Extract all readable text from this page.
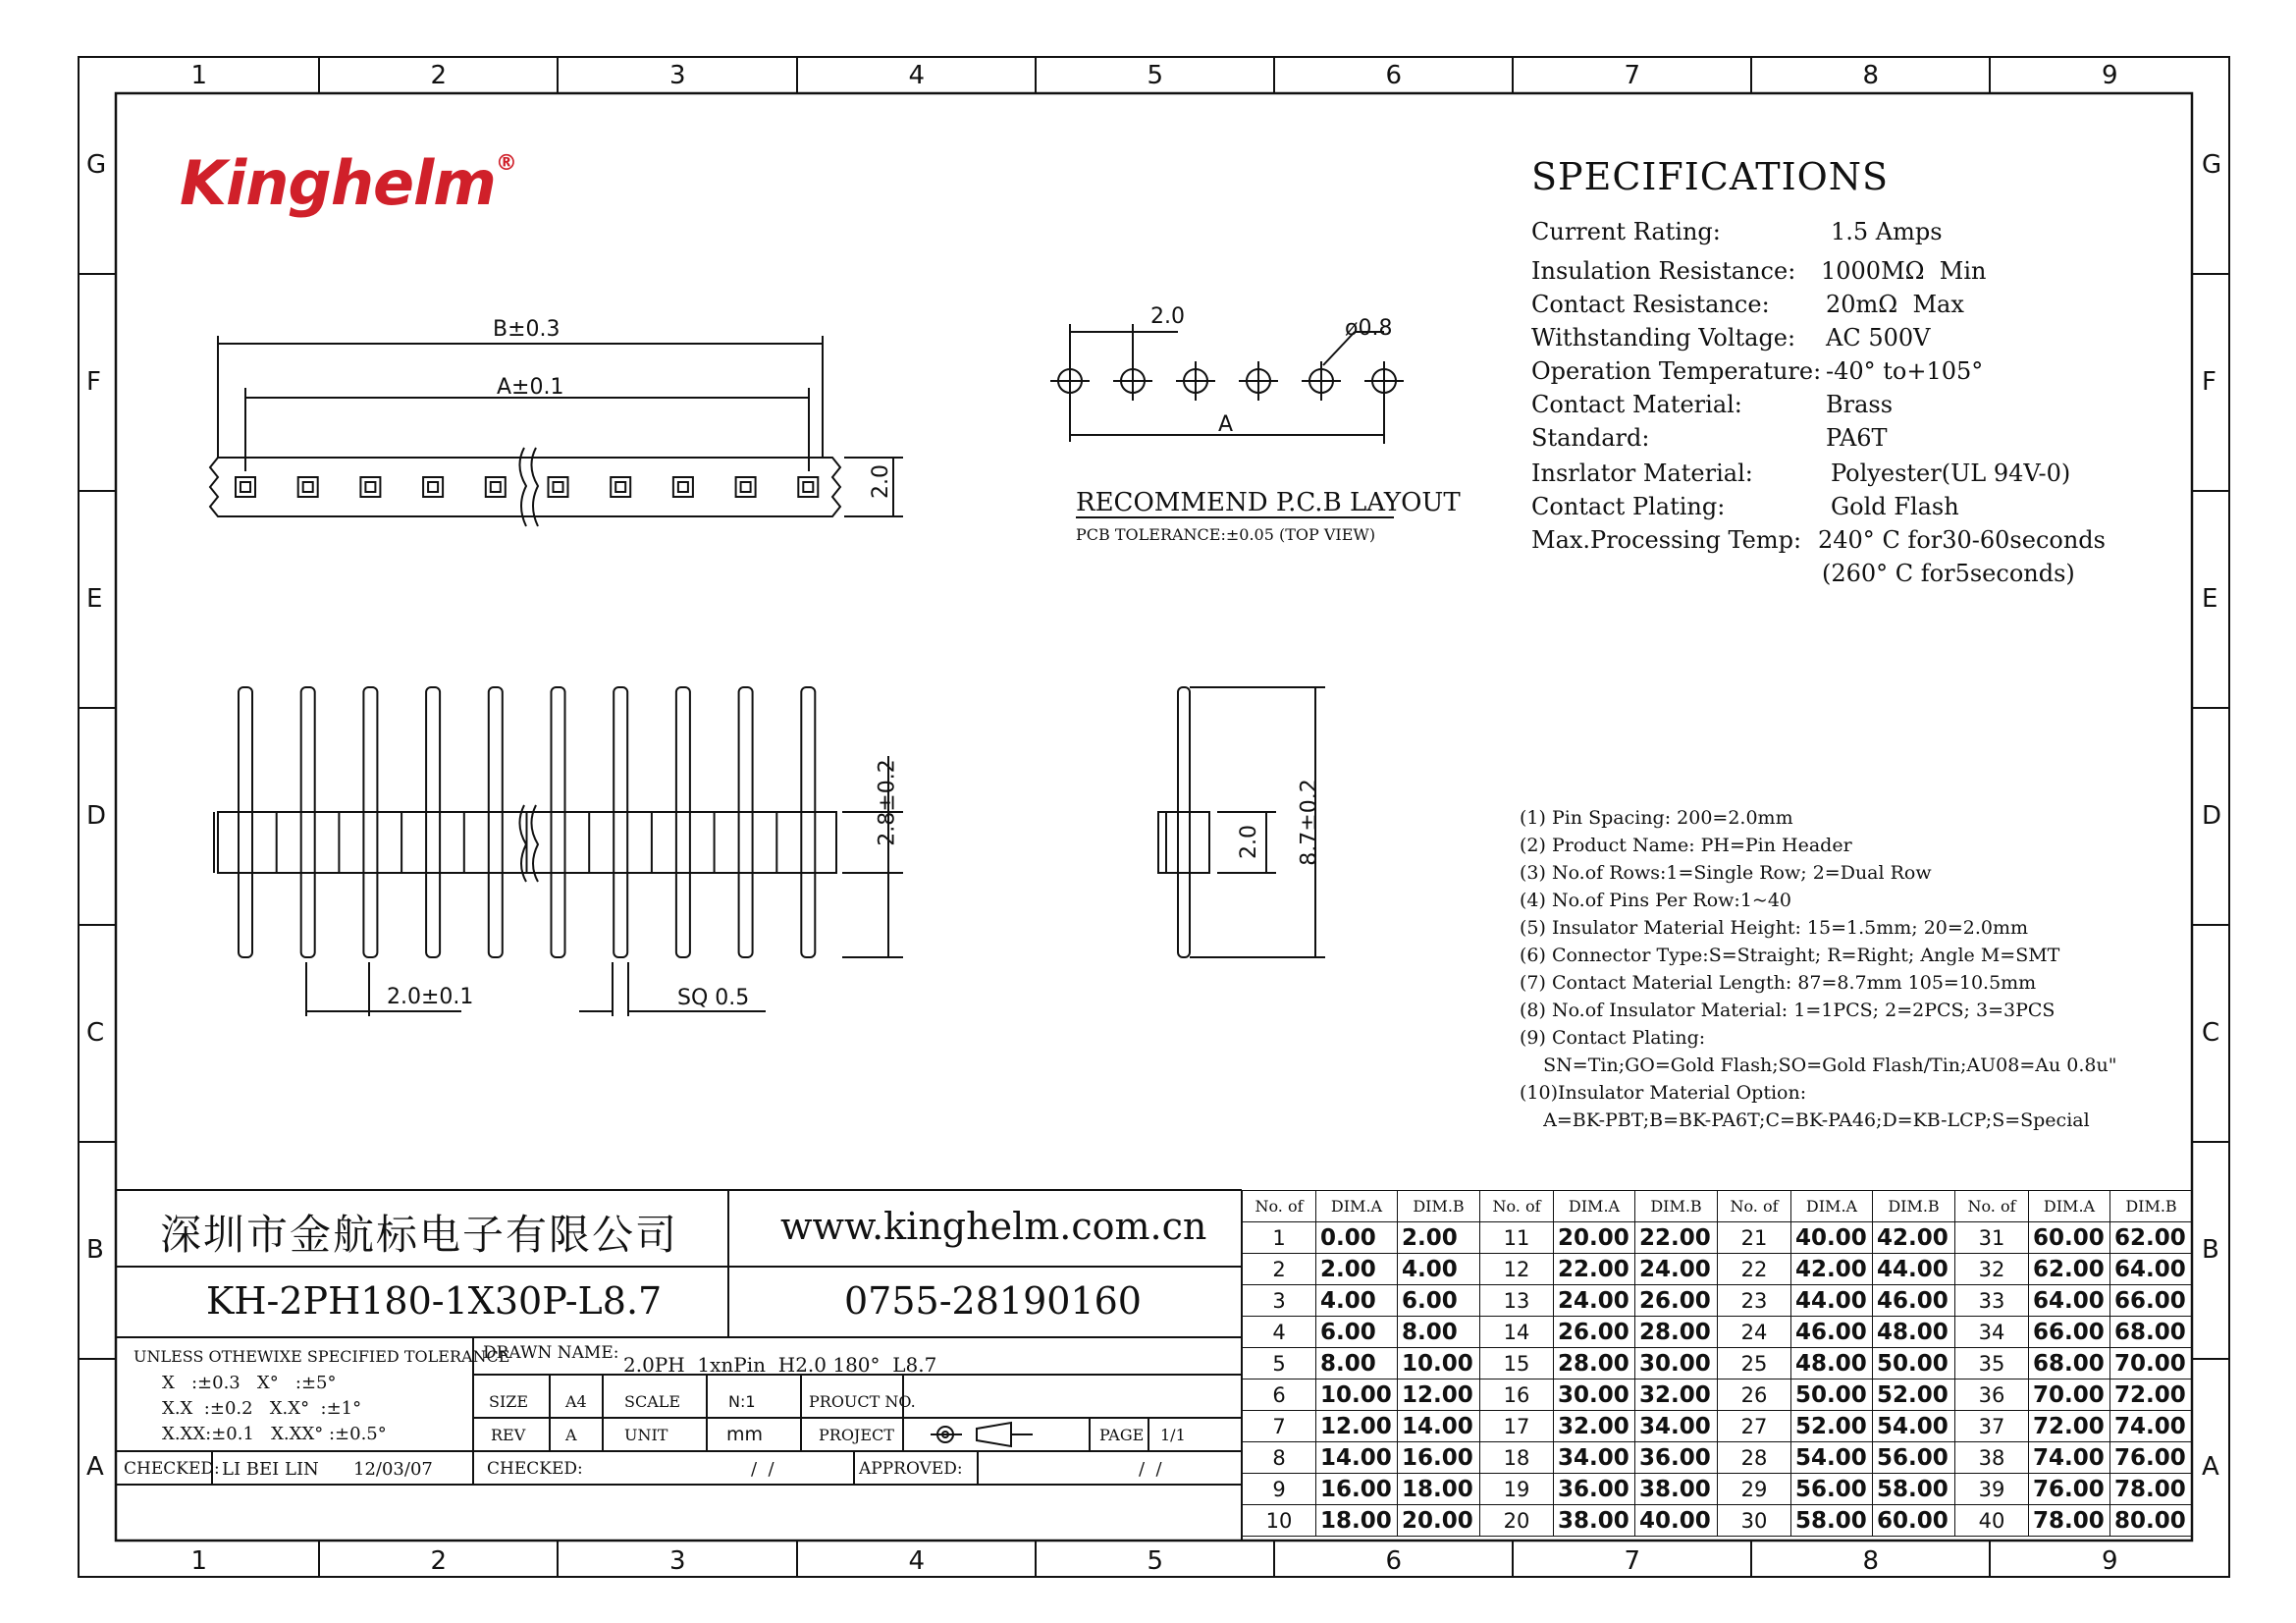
1
1
2
2
3
3
4
4
5
5
6
6
7
7
8
8
9
9
G	G
F	F
E	E
D	D
C	C
B	B
A	A
Kinghelm®
B±0.3
A±0.1
2.0
2.0	ø0.8
A
RECOMMEND P.C.B LAYOUT
PCB TOLERANCE:±0.05 (TOP VIEW)
2.8±0.2
2.0±0.1	SQ 0.5
2.0 8.7±0.2
SPECIFICATIONS
Current Rating:	1.5 Amps
Insulation Resistance: 1000MΩ  Min
Contact Resistance: 20mΩ  Max
Withstanding Voltage: AC 500V
Operation Temperature: -40° to+105°
Contact Material:	Brass
Standard:	PA6T
Insrlator Material:	Polyester(UL 94V-0)
Contact Plating:	Gold Flash
Max.Processing Temp: 240° C for30-60seconds
(260° C for5seconds)
(1) Pin Spacing: 200=2.0mm
(2) Product Name: PH=Pin Header
(3) No.of Rows:1=Single Row; 2=Dual Row
(4) No.of Pins Per Row:1~40
(5) Insulator Material Height: 15=1.5mm; 20=2.0mm
(6) Connector Type:S=Straight; R=Right; Angle M=SMT
(7) Contact Material Length: 87=8.7mm 105=10.5mm
(8) No.of Insulator Material: 1=1PCS; 2=2PCS; 3=3PCS
(9) Contact Plating:
SN=Tin;GO=Gold Flash;SO=Gold Flash/Tin;AU08=Au 0.8u"
(10)Insulator Material Option:
A=BK-PBT;B=BK-PA6T;C=BK-PA46;D=KB-LCP;S=Special
深圳市金航标电子有限公司	www.kinghelm.com.cn
KH-2PH180-1X30P-L8.7	0755-28190160
UNLESS OTHEWIXE SPECIFIED TOLERANCE
X   :±0.3   X°   :±5°
X.X  :±0.2   X.X°  :±1°
X.XX:±0.1   X.XX° :±0.5°
DRAWN NAME: 2.0PH  1xnPin  H2.0 180°  L8.7
SIZE A4 SCALE	N:1	PROUCT NO.
REV	A	UNIT	mm	PROJECT	PAGE 1/1
CHECKED: LI BEI LIN 12/03/07	CHECKED:	/  /	APPROVED:	/  /
No. of	DIM.A	DIM.B	No. of	DIM.A	DIM.B	No. of	DIM.A	DIM.B	No. of	DIM.A	DIM.B
1	0.00	2.00	11	20.00	22.00	21	40.00	42.00	31	60.00	62.00
2	2.00	4.00	12	22.00	24.00	22	42.00	44.00	32	62.00	64.00
3	4.00	6.00	13	24.00	26.00	23	44.00	46.00	33	64.00	66.00
4	6.00	8.00	14	26.00	28.00	24	46.00	48.00	34	66.00	68.00
5	8.00	10.00	15	28.00	30.00	25	48.00	50.00	35	68.00	70.00
6	10.00	12.00	16	30.00	32.00	26	50.00	52.00	36	70.00	72.00
7	12.00	14.00	17	32.00	34.00	27	52.00	54.00	37	72.00	74.00
8	14.00	16.00	18	34.00	36.00	28	54.00	56.00	38	74.00	76.00
9	16.00	18.00	19	36.00	38.00	29	56.00	58.00	39	76.00	78.00
10	18.00	20.00	20	38.00	40.00	30	58.00	60.00	40	78.00	80.00
